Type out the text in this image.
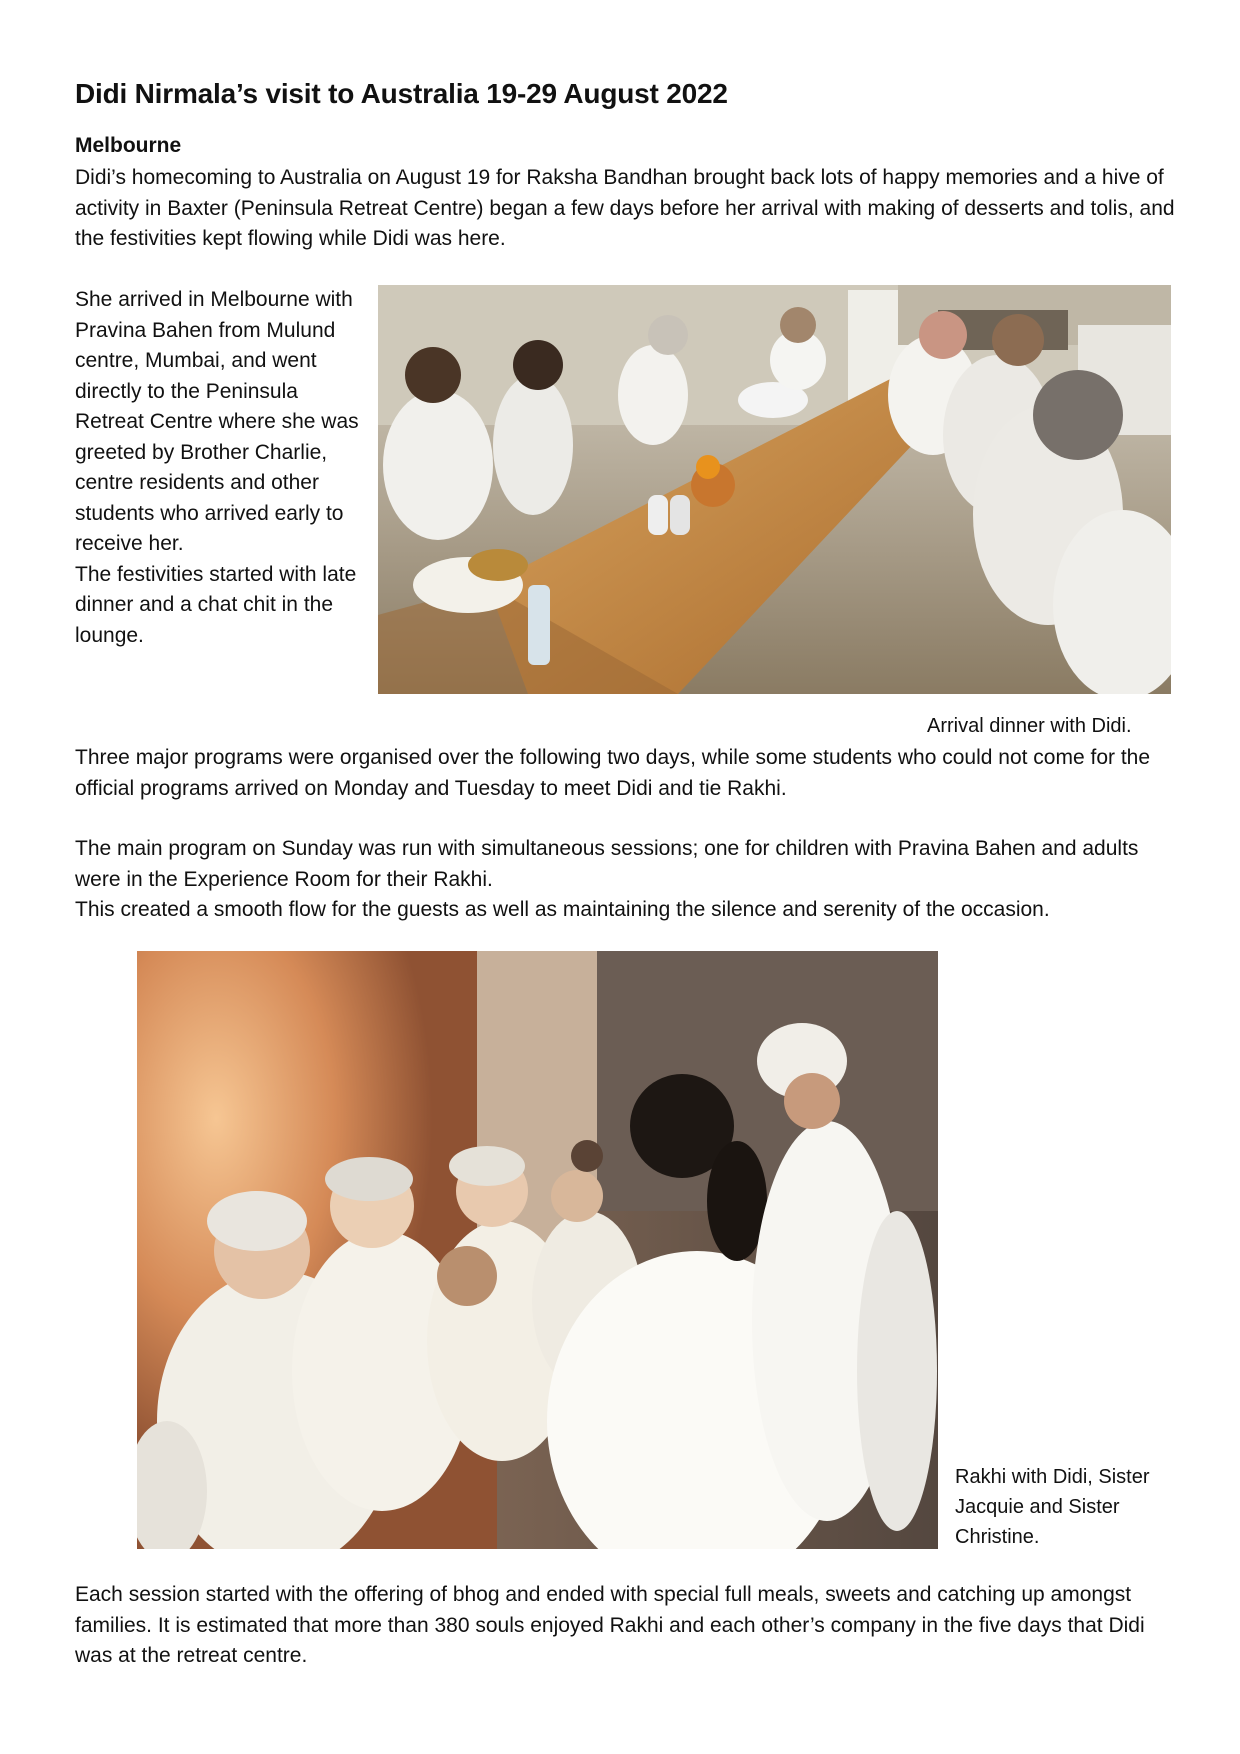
Didi Nirmala’s visit to Australia 19-29 August 2022
Melbourne

Didi’s homecoming to Australia on August 19 for Raksha Bandhan brought back lots of happy memories and a hive of activity in Baxter (Peninsula Retreat Centre) began a few days before her arrival with making of desserts and tolis, and the festivities kept flowing while Didi was here.

She arrived in Melbourne with Pravina Bahen from Mulund centre, Mumbai, and went directly to the Peninsula Retreat Centre where she was greeted by Brother Charlie, centre residents and other students who arrived early to receive her.
The festivities started with late dinner and a chat chit in the lounge.

Arrival dinner with Didi.

Three major programs were organised over the following two days, while some students who could not come for the official programs arrived on Monday and Tuesday to meet Didi and tie Rakhi.

The main program on Sunday was run with simultaneous sessions; one for children with Pravina Bahen and adults were in the Experience Room for their Rakhi.
This created a smooth flow for the guests as well as maintaining the silence and serenity of the occasion.

Rakhi with Didi, Sister Jacquie and Sister Christine.

Each session started with the offering of bhog and ended with special full meals, sweets and catching up amongst families. It is estimated that more than 380 souls enjoyed Rakhi and each other’s company in the five days that Didi was at the retreat centre.
